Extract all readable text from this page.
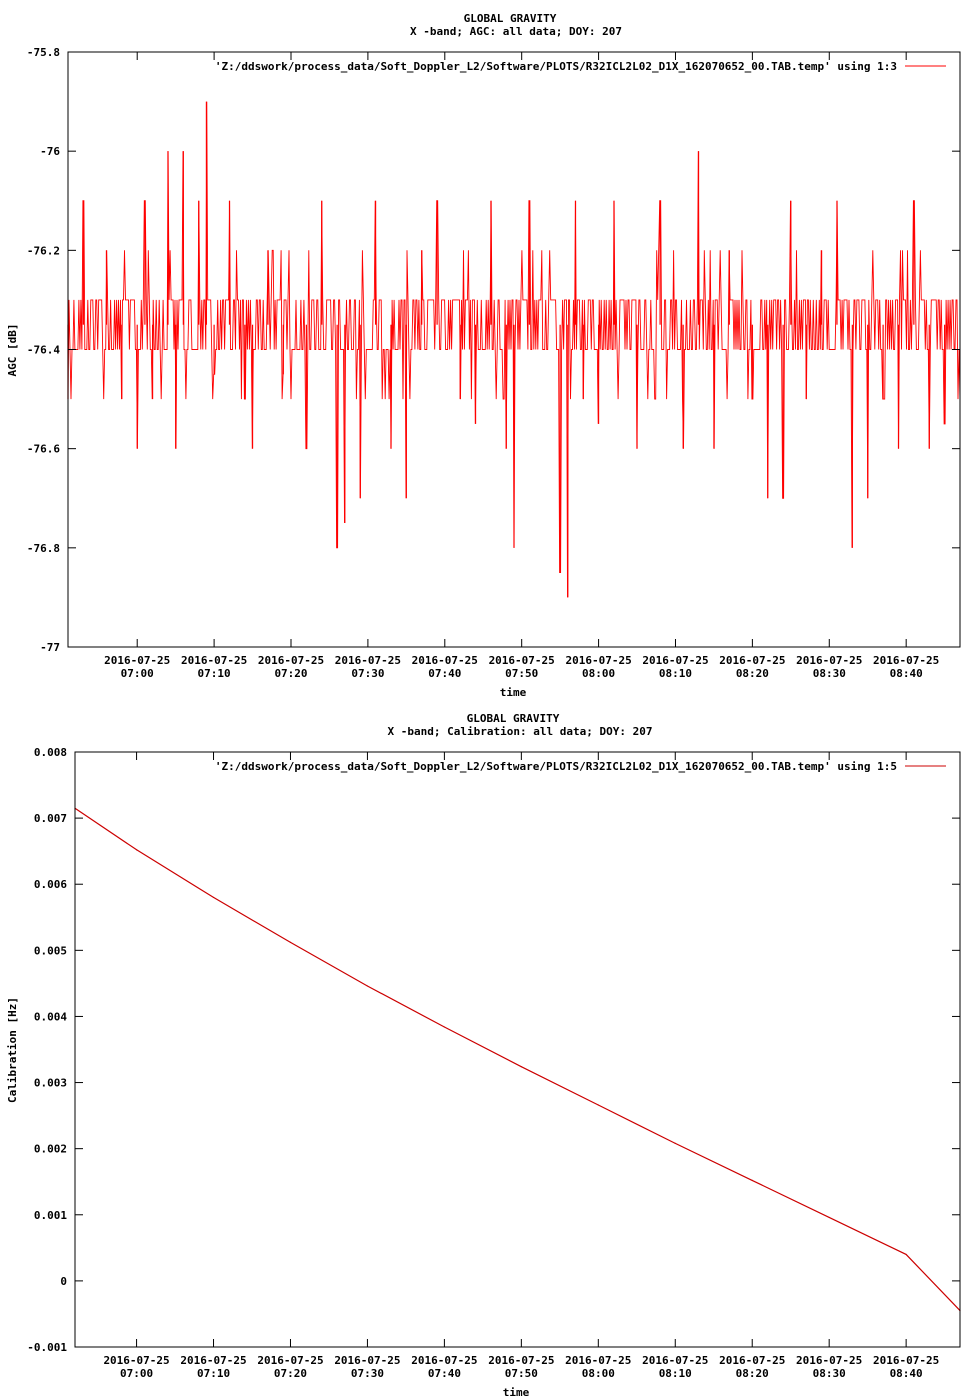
GLOBAL GRAVITY
X -band; AGC: all data; DOY: 207
-75.8
-76
-76.2
-76.4
-76.6
-76.8
-77
2016-07-25
07:00
2016-07-25
07:10
2016-07-25
07:20
2016-07-25
07:30
2016-07-25
07:40
2016-07-25
07:50
2016-07-25
08:00
2016-07-25
08:10
2016-07-25
08:20
2016-07-25
08:30
2016-07-25
08:40
'Z:/ddswork/process_data/Soft_Doppler_L2/Software/PLOTS/R32ICL2L02_D1X_162070652_00.TAB.temp' using 1:3
time
AGC [dB]
GLOBAL GRAVITY
X -band; Calibration: all data; DOY: 207
0.008
0.007
0.006
0.005
0.004
0.003
0.002
0.001
0
-0.001
2016-07-25
07:00
2016-07-25
07:10
2016-07-25
07:20
2016-07-25
07:30
2016-07-25
07:40
2016-07-25
07:50
2016-07-25
08:00
2016-07-25
08:10
2016-07-25
08:20
2016-07-25
08:30
2016-07-25
08:40
'Z:/ddswork/process_data/Soft_Doppler_L2/Software/PLOTS/R32ICL2L02_D1X_162070652_00.TAB.temp' using 1:5
time
Calibration [Hz]
